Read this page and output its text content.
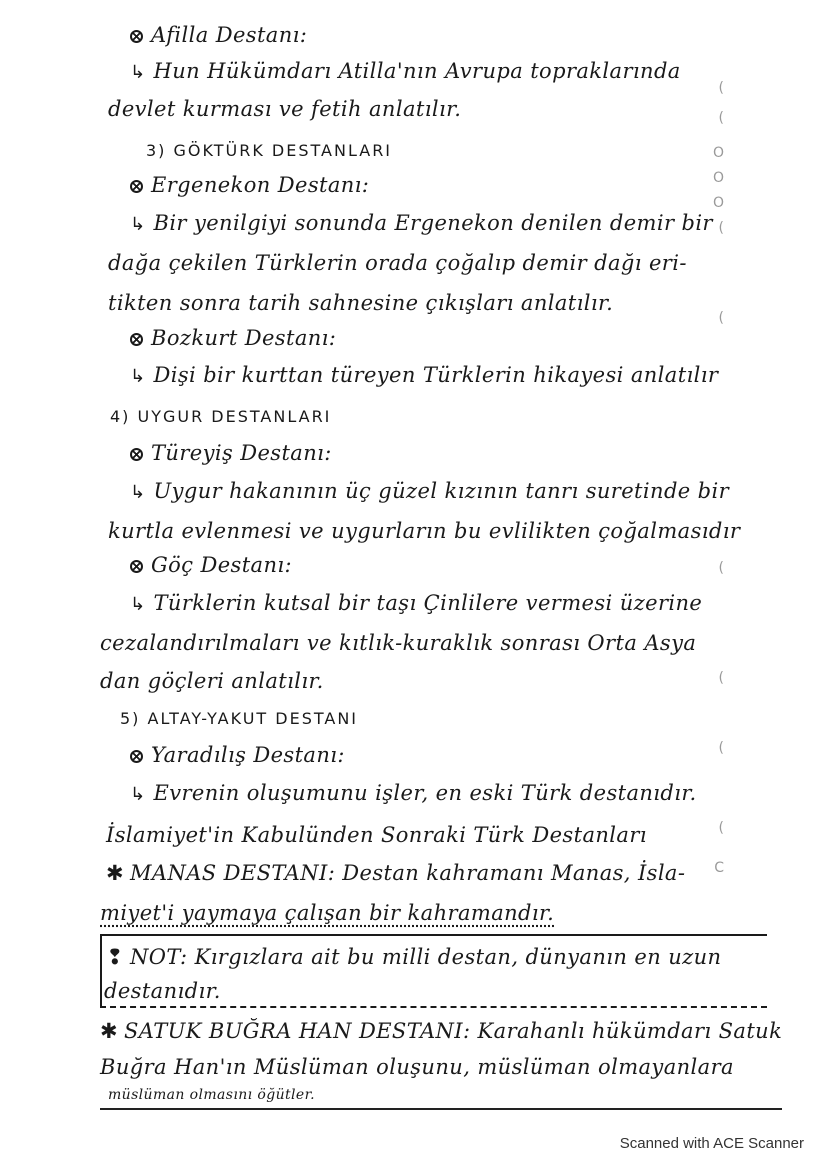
(
(
O
O
O
(
(
(
(
(
(
C
Afilla Destanı:
↳ Hun Hükümdarı Atilla'nın Avrupa topraklarında
devlet kurması ve fetih anlatılır.
3) GÖKTÜRK DESTANLARI
Ergenekon Destanı:
↳ Bir yenilgiyi sonunda Ergenekon denilen demir bir
dağa çekilen Türklerin orada çoğalıp demir dağı eri-
tikten sonra tarih sahnesine çıkışları anlatılır.
Bozkurt Destanı:
↳ Dişi bir kurttan türeyen Türklerin hikayesi anlatılır
4) UYGUR DESTANLARI
Türeyiş Destanı:
↳ Uygur hakanının üç güzel kızının tanrı suretinde bir
kurtla evlenmesi ve uygurların bu evlilikten çoğalmasıdır
Göç Destanı:
↳ Türklerin kutsal bir taşı Çinlilere vermesi üzerine
cezalandırılmaları ve kıtlık-kuraklık sonrası Orta Asya
dan göçleri anlatılır.
5) ALTAY-YAKUT DESTANI
Yaradılış Destanı:
↳ Evrenin oluşumunu işler, en eski Türk destanıdır.
İslamiyet'in Kabulünden Sonraki Türk Destanları
✱ MANAS DESTANI: Destan kahramanı Manas, İsla-
miyet'i yaymaya çalışan bir kahramandır.
❢ NOT: Kırgızlara ait bu milli destan, dünyanın en uzun
destanıdır.
✱ SATUK BUĞRA HAN DESTANI: Karahanlı hükümdarı Satuk
Buğra Han'ın Müslüman oluşunu, müslüman olmayanlara
müslüman olmasını öğütler.
Scanned with ACE Scanner
